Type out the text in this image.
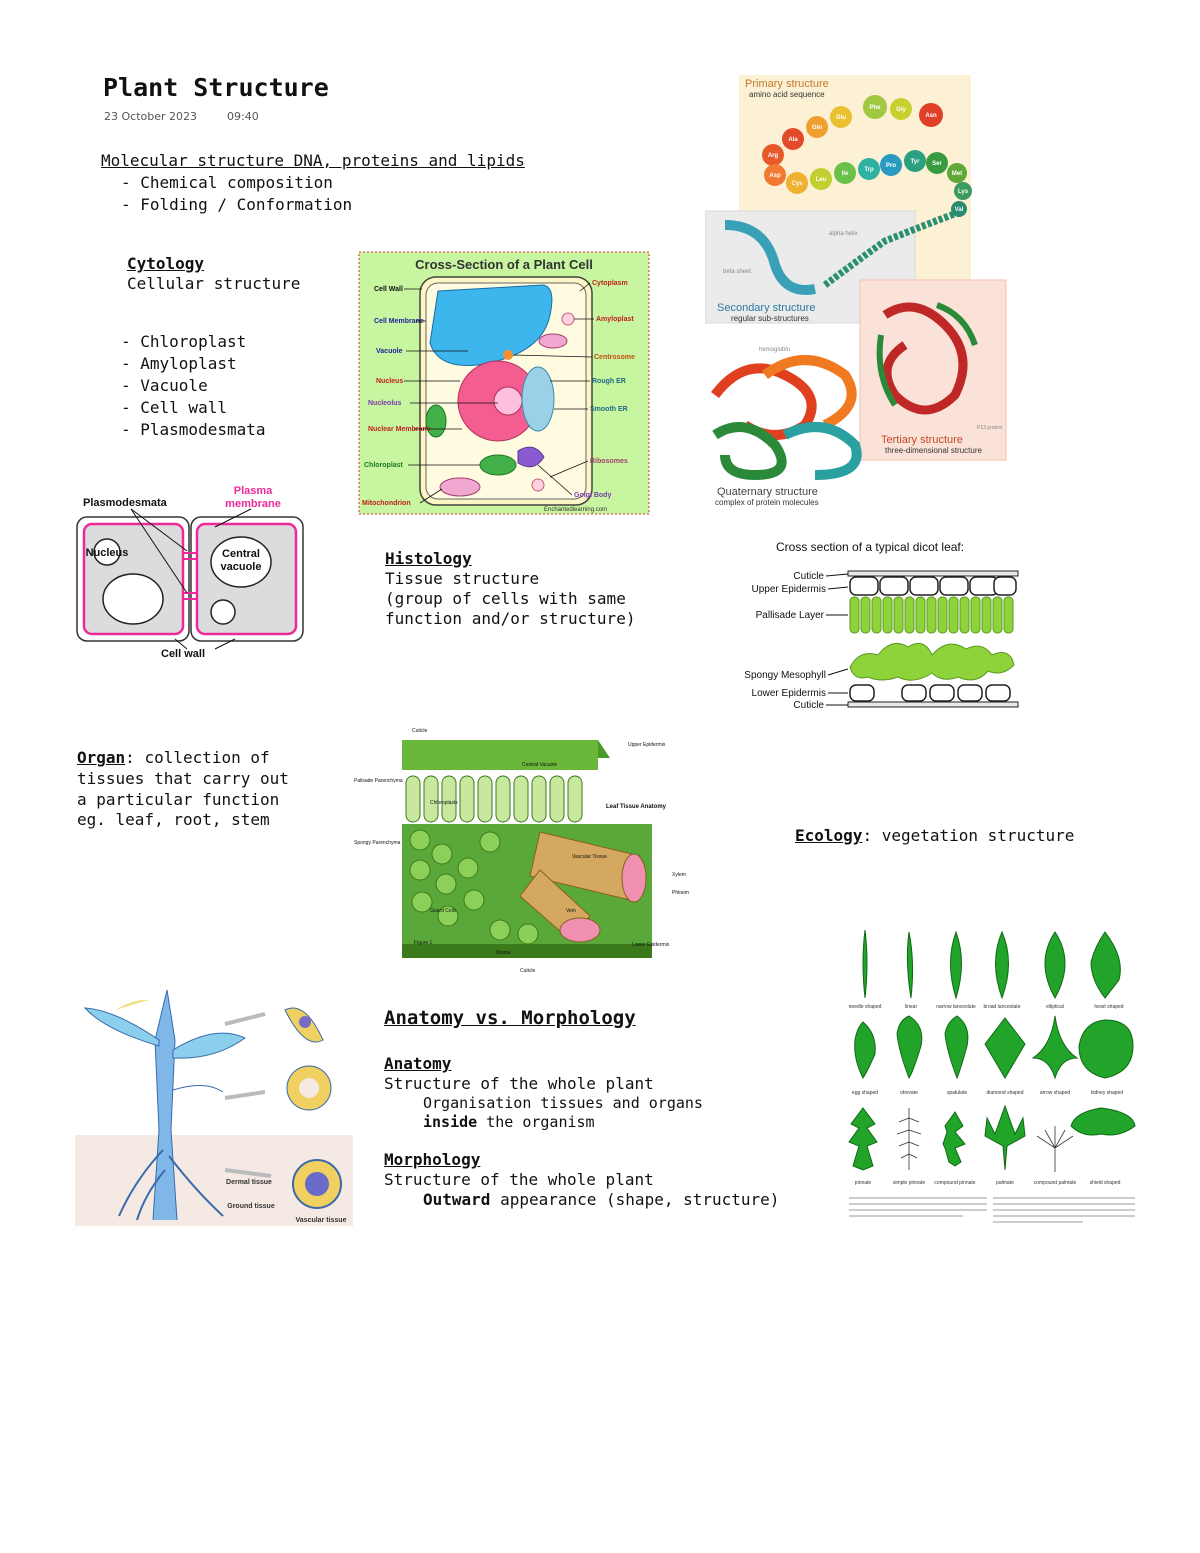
Plant Structure
23 October 2023	09:40
Molecular structure DNA, proteins and lipids
- Chemical composition
- Folding / Conformation
Cytology
Cellular structure
- Chloroplast
- Amyloplast
- Vacuole
- Cell wall
- Plasmodesmata
Cross-Section of a Plant Cell
Cell Wall
Cell Membrane
Vacuole
Nucleus
Nucleolus
Nuclear Membrane
Chloroplast
Mitochondrion
Cytoplasm
Amyloplast
Centrosome
Rough ER
Smooth ER
Ribosomes
Golgi Body
Enchantedlearning.com
Primary structure
amino acid sequence
Arg
Ala
Gln
Glu
Phe	Gly
Asn
Asp
Cys
Leu
Ile
Trp
Pro
Tyr Ser
Met
Lys
Val
alpha helix
beta sheet
Secondary structure
regular sub-structures
P13 protein
Tertiary structure
three-dimensional structure
hemoglobin
Quaternary structure
complex of protein molecules
Plasmodesmata
Plasma
membrane
Nucleus	Central
vacuole
Cell wall
Histology
Tissue structure
(group of cells with same
function and/or structure)
Cross section of a typical dicot leaf:
Cuticle
Upper Epidermis
Pallisade Layer
Spongy Mesophyll
Lower Epidermis
Cuticle
Organ: collection of
tissues that carry out
a particular function
eg. leaf, root, stem
Cuticle
Palisade Parenchyma
Spongy Parenchyma
Guard Cells
Figure 1
Upper Epidermis
Xylem
Phloem
Lower Epidermis
Stoma
Cuticle
Central Vacuole
Chloroplasts
Vascular Tissue
Vein
Leaf Tissue Anatomy
Ecology: vegetation structure
Dermal tissue
Ground tissue
Vascular tissue
Anatomy vs. Morphology
Anatomy
Structure of the whole plant
Organisation tissues and organs
inside the organism
Morphology
Structure of the whole plant
Outward appearance (shape, structure)
needle shaped	linear	narrow lanceolate broad lanceolate	elliptical	heart shaped
egg shaped	obovate	spatulate	diamond shaped	arrow shaped	kidney shaped
pinnate	simple pinnate compound pinnate	palmate	compound palmate	shield shaped
